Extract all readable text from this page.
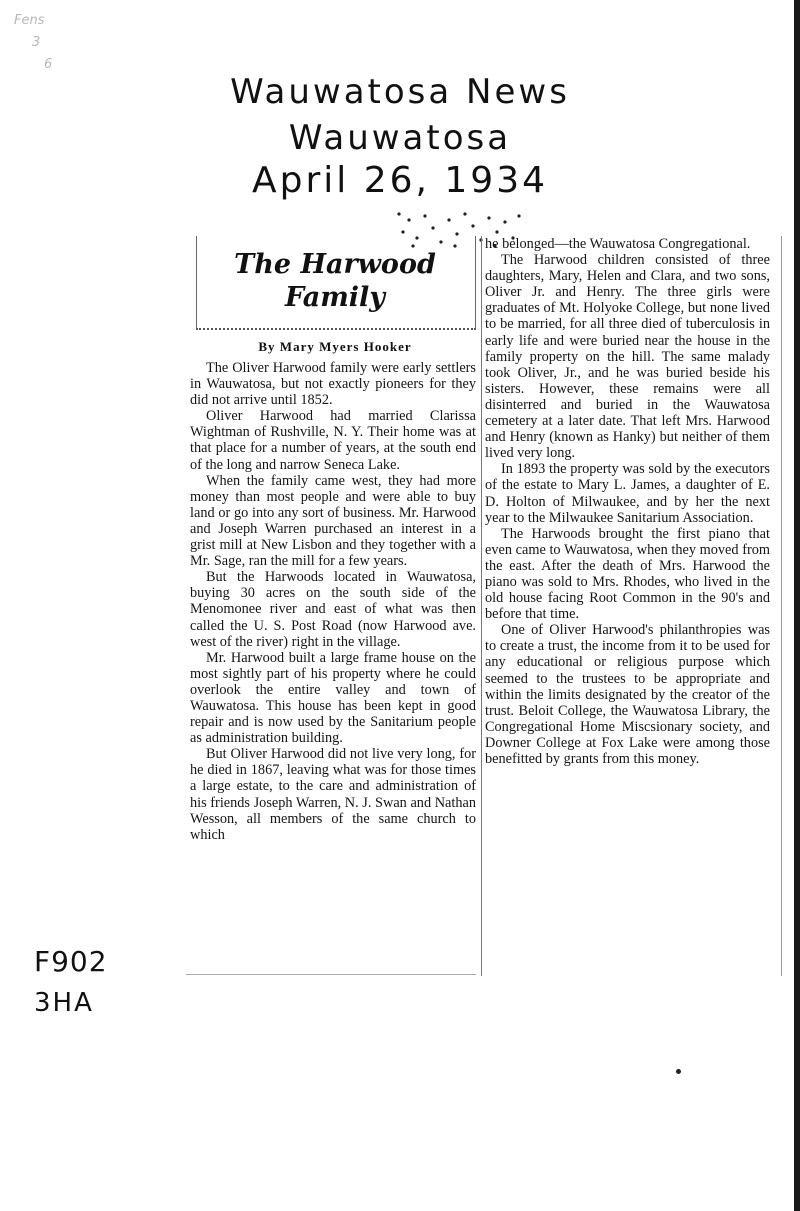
Fens
3
6
Wauwatosa News
Wauwatosa
April 26, 1934
F902
3HA
The Harwood
Family
By Mary Myers Hooker

The Oliver Harwood family were early settlers in Wauwatosa, but not exactly pioneers for they did not arrive until 1852.

Oliver Harwood had married Clarissa Wightman of Rushville, N. Y. Their home was at that place for a number of years, at the south end of the long and narrow Seneca Lake.

When the family came west, they had more money than most people and were able to buy land or go into any sort of business. Mr. Harwood and Joseph Warren purchased an interest in a grist mill at New Lisbon and they together with a Mr. Sage, ran the mill for a few years.

But the Harwoods located in Wauwatosa, buying 30 acres on the south side of the Menomonee river and east of what was then called the U. S. Post Road (now Harwood ave. west of the river) right in the village.

Mr. Harwood built a large frame house on the most sightly part of his property where he could overlook the entire valley and town of Wauwatosa. This house has been kept in good repair and is now used by the Sanitarium people as administration building.

But Oliver Harwood did not live very long, for he died in 1867, leaving what was for those times a large estate, to the care and administration of his friends Joseph Warren, N. J. Swan and Nathan Wesson, all members of the same church to which

he belonged—the Wauwatosa Congregational.

The Harwood children consisted of three daughters, Mary, Helen and Clara, and two sons, Oliver Jr. and Henry. The three girls were graduates of Mt. Holyoke College, but none lived to be married, for all three died of tuberculosis in early life and were buried near the house in the family property on the hill. The same malady took Oliver, Jr., and he was buried beside his sisters. However, these remains were all disinterred and buried in the Wauwatosa cemetery at a later date. That left Mrs. Harwood and Henry (known as Hanky) but neither of them lived very long.

In 1893 the property was sold by the executors of the estate to Mary L. James, a daughter of E. D. Holton of Milwaukee, and by her the next year to the Milwaukee Sanitarium Association.

The Harwoods brought the first piano that even came to Wauwatosa, when they moved from the east. After the death of Mrs. Harwood the piano was sold to Mrs. Rhodes, who lived in the old house facing Root Common in the 90's and before that time.

One of Oliver Harwood's philanthropies was to create a trust, the income from it to be used for any educational or religious purpose which seemed to the trustees to be appropriate and within the limits designated by the creator of the trust. Beloit College, the Wauwatosa Library, the Congregational Home Miscsionary society, and Downer College at Fox Lake were among those benefitted by grants from this money.
